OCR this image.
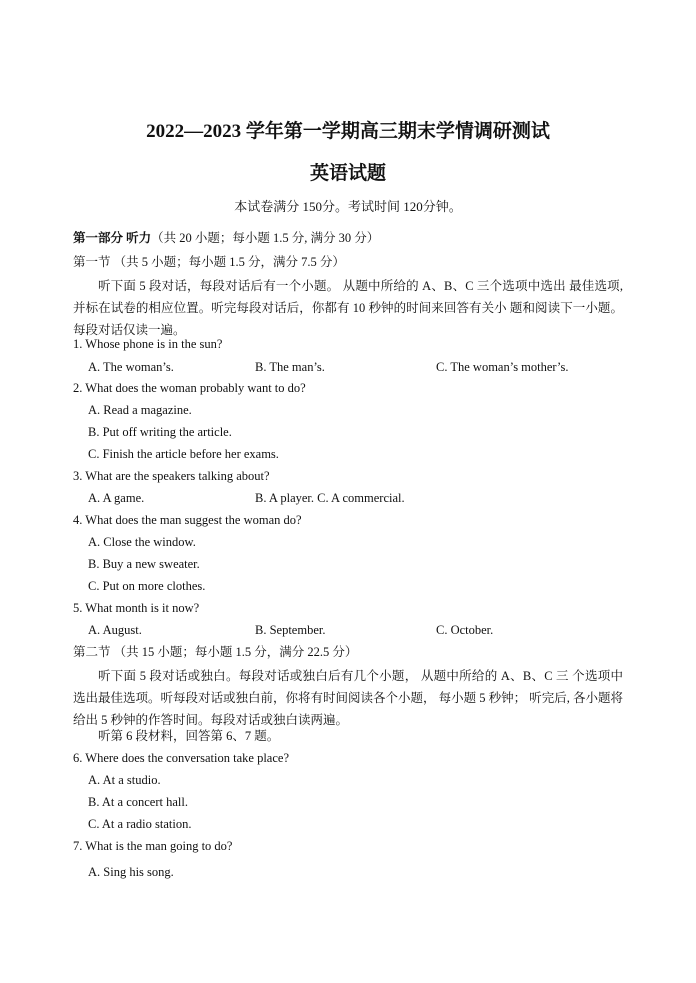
2022—2023 学年第一学期高三期末学情调研测试
英语试题
本试卷满分 150分。考试时间 120分钟。
第一部分 听力（共 20 小题；每小题 1.5 分, 满分 30 分）
第一节 （共 5 小题；每小题 1.5 分，满分 7.5 分）
听下面 5 段对话，每段对话后有一个小题。 从题中所给的 A、B、C 三个选项中选出 最佳选项, 并标在试卷的相应位置。听完每段对话后，你都有 10 秒钟的时间来回答有关小 题和阅读下一小题。每段对话仅读一遍。
1. Whose phone is in the sun?
A. The woman’s.	B. The man’s.	C. The woman’s mother’s.
2. What does the woman probably want to do?
A. Read a magazine.
B. Put off writing the article.
C. Finish the article before her exams.
3. What are the speakers talking about?
A. A game.	B. A player. C. A commercial.
4. What does the man suggest the woman do?
A. Close the window.
B. Buy a new sweater.
C. Put on more clothes.
5. What month is it now?
A. August.	B. September.	C. October.
第二节 （共 15 小题；每小题 1.5 分，满分 22.5 分）
听下面 5 段对话或独白。每段对话或独白后有几个小题， 从题中所给的 A、B、C 三 个选项中选出最佳选项。听每段对话或独白前，你将有时间阅读各个小题， 每小题 5 秒钟； 听完后, 各小题将给出 5 秒钟的作答时间。每段对话或独白读两遍。
听第 6 段材料，回答第 6、7 题。
6. Where does the conversation take place?
A. At a studio.
B. At a concert hall.
C. At a radio station.
7. What is the man going to do?
A. Sing his song.
